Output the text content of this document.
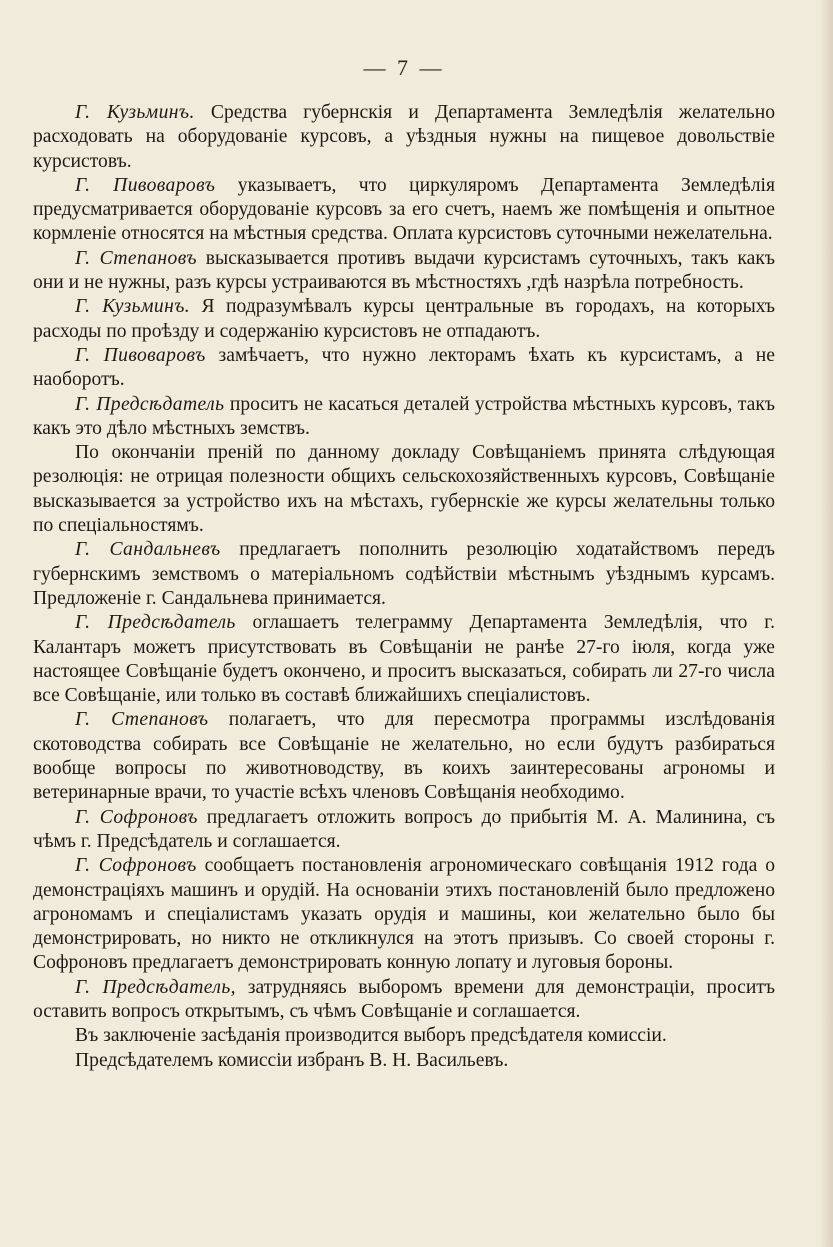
— 7 —

Г. Кузьминъ. Средства губернскія и Департамента Земледѣлія желательно расходовать на оборудованіе курсовъ, а уѣздныя нужны на пищевое довольствіе курсистовъ.

Г. Пивоваровъ указываетъ, что циркуляромъ Департамента Земледѣлія предусматривается оборудованіе курсовъ за его счетъ, наемъ же помѣщенія и опытное кормленіе относятся на мѣстныя средства. Оплата курсистовъ суточными нежелательна.

Г. Степановъ высказывается противъ выдачи курсистамъ суточныхъ, такъ какъ они и не нужны, разъ курсы устраиваются въ мѣстностяхъ ,гдѣ назрѣла потребность.

Г. Кузьминъ. Я подразумѣвалъ курсы центральные въ городахъ, на которыхъ расходы по проѣзду и содержанію курсистовъ не отпадаютъ.

Г. Пивоваровъ замѣчаетъ, что нужно лекторамъ ѣхать къ курсистамъ, а не наоборотъ.

Г. Предсѣдатель проситъ не касаться деталей устройства мѣстныхъ курсовъ, такъ какъ это дѣло мѣстныхъ земствъ.

По окончаніи преній по данному докладу Совѣщаніемъ принята слѣдующая резолюція: не отрицая полезности общихъ сельскохозяйственныхъ курсовъ, Совѣщаніе высказывается за устройство ихъ на мѣстахъ, губернскіе же курсы желательны только по спеціальностямъ.

Г. Сандальневъ предлагаетъ пополнить резолюцію ходатайствомъ передъ губернскимъ земствомъ о матеріальномъ содѣйствіи мѣстнымъ уѣзднымъ курсамъ. Предложеніе г. Сандальнева принимается.

Г. Предсѣдатель оглашаетъ телеграмму Департамента Земледѣлія, что г. Калантаръ можетъ присутствовать въ Совѣщаніи не ранѣе 27-го іюля, когда уже настоящее Совѣщаніе будетъ окончено, и проситъ высказаться, собирать ли 27-го числа все Совѣщаніе, или только въ составѣ ближайшихъ спеціалистовъ.

Г. Степановъ полагаетъ, что для пересмотра программы изслѣдованія скотоводства собирать все Совѣщаніе не желательно, но если будутъ разбираться вообще вопросы по животноводству, въ коихъ заинтересованы агрономы и ветеринарные врачи, то участіе всѣхъ членовъ Совѣщанія необходимо.

Г. Софроновъ предлагаетъ отложить вопросъ до прибытія М. А. Малинина, съ чѣмъ г. Предсѣдатель и соглашается.

Г. Софроновъ сообщаетъ постановленія агрономическаго совѣщанія 1912 года о демонстраціяхъ машинъ и орудій. На основаніи этихъ постановленій было предложено агрономамъ и спеціалистамъ указать орудія и машины, кои желательно было бы демонстрировать, но никто не откликнулся на этотъ призывъ. Со своей стороны г. Софроновъ предлагаетъ демонстрировать конную лопату и луговыя бороны.

Г. Предсѣдатель, затрудняясь выборомъ времени для демонстраціи, проситъ оставить вопросъ открытымъ, съ чѣмъ Совѣщаніе и соглашается.

Въ заключеніе засѣданія производится выборъ предсѣдателя комиссіи.

Предсѣдателемъ комиссіи избранъ В. Н. Васильевъ.
